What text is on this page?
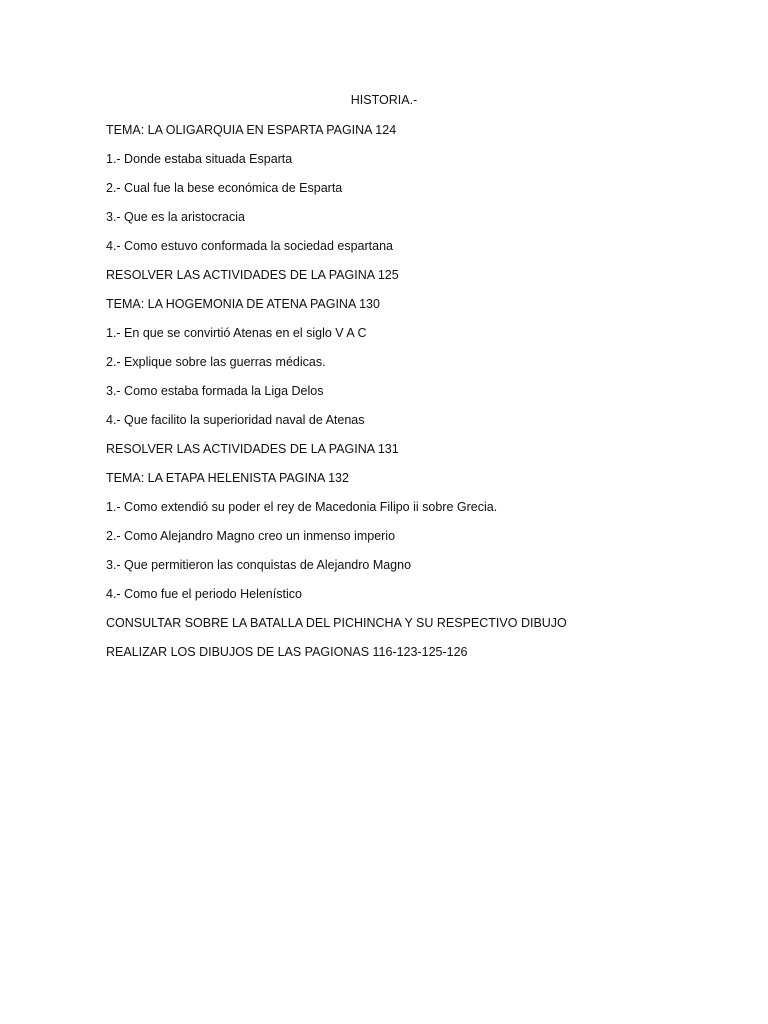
HISTORIA.-
TEMA: LA OLIGARQUIA EN ESPARTA PAGINA 124
1.- Donde estaba situada Esparta
2.- Cual fue la bese económica de Esparta
3.- Que es la aristocracia
4.- Como estuvo conformada la sociedad espartana
RESOLVER LAS ACTIVIDADES DE LA PAGINA 125
TEMA: LA HOGEMONIA DE ATENA PAGINA 130
1.- En que se convirtió Atenas en el siglo V A C
2.- Explique sobre las guerras médicas.
3.- Como estaba formada la Liga Delos
4.- Que facilito la superioridad naval de Atenas
RESOLVER LAS ACTIVIDADES DE LA PAGINA 131
TEMA: LA ETAPA HELENISTA PAGINA 132
1.- Como extendió su poder el rey de Macedonia Filipo ii sobre Grecia.
2.- Como Alejandro Magno creo un inmenso imperio
3.- Que permitieron las conquistas de Alejandro Magno
4.- Como fue el periodo Helenístico
CONSULTAR SOBRE LA BATALLA DEL PICHINCHA Y SU RESPECTIVO DIBUJO
REALIZAR LOS DIBUJOS DE LAS PAGIONAS 116-123-125-126
